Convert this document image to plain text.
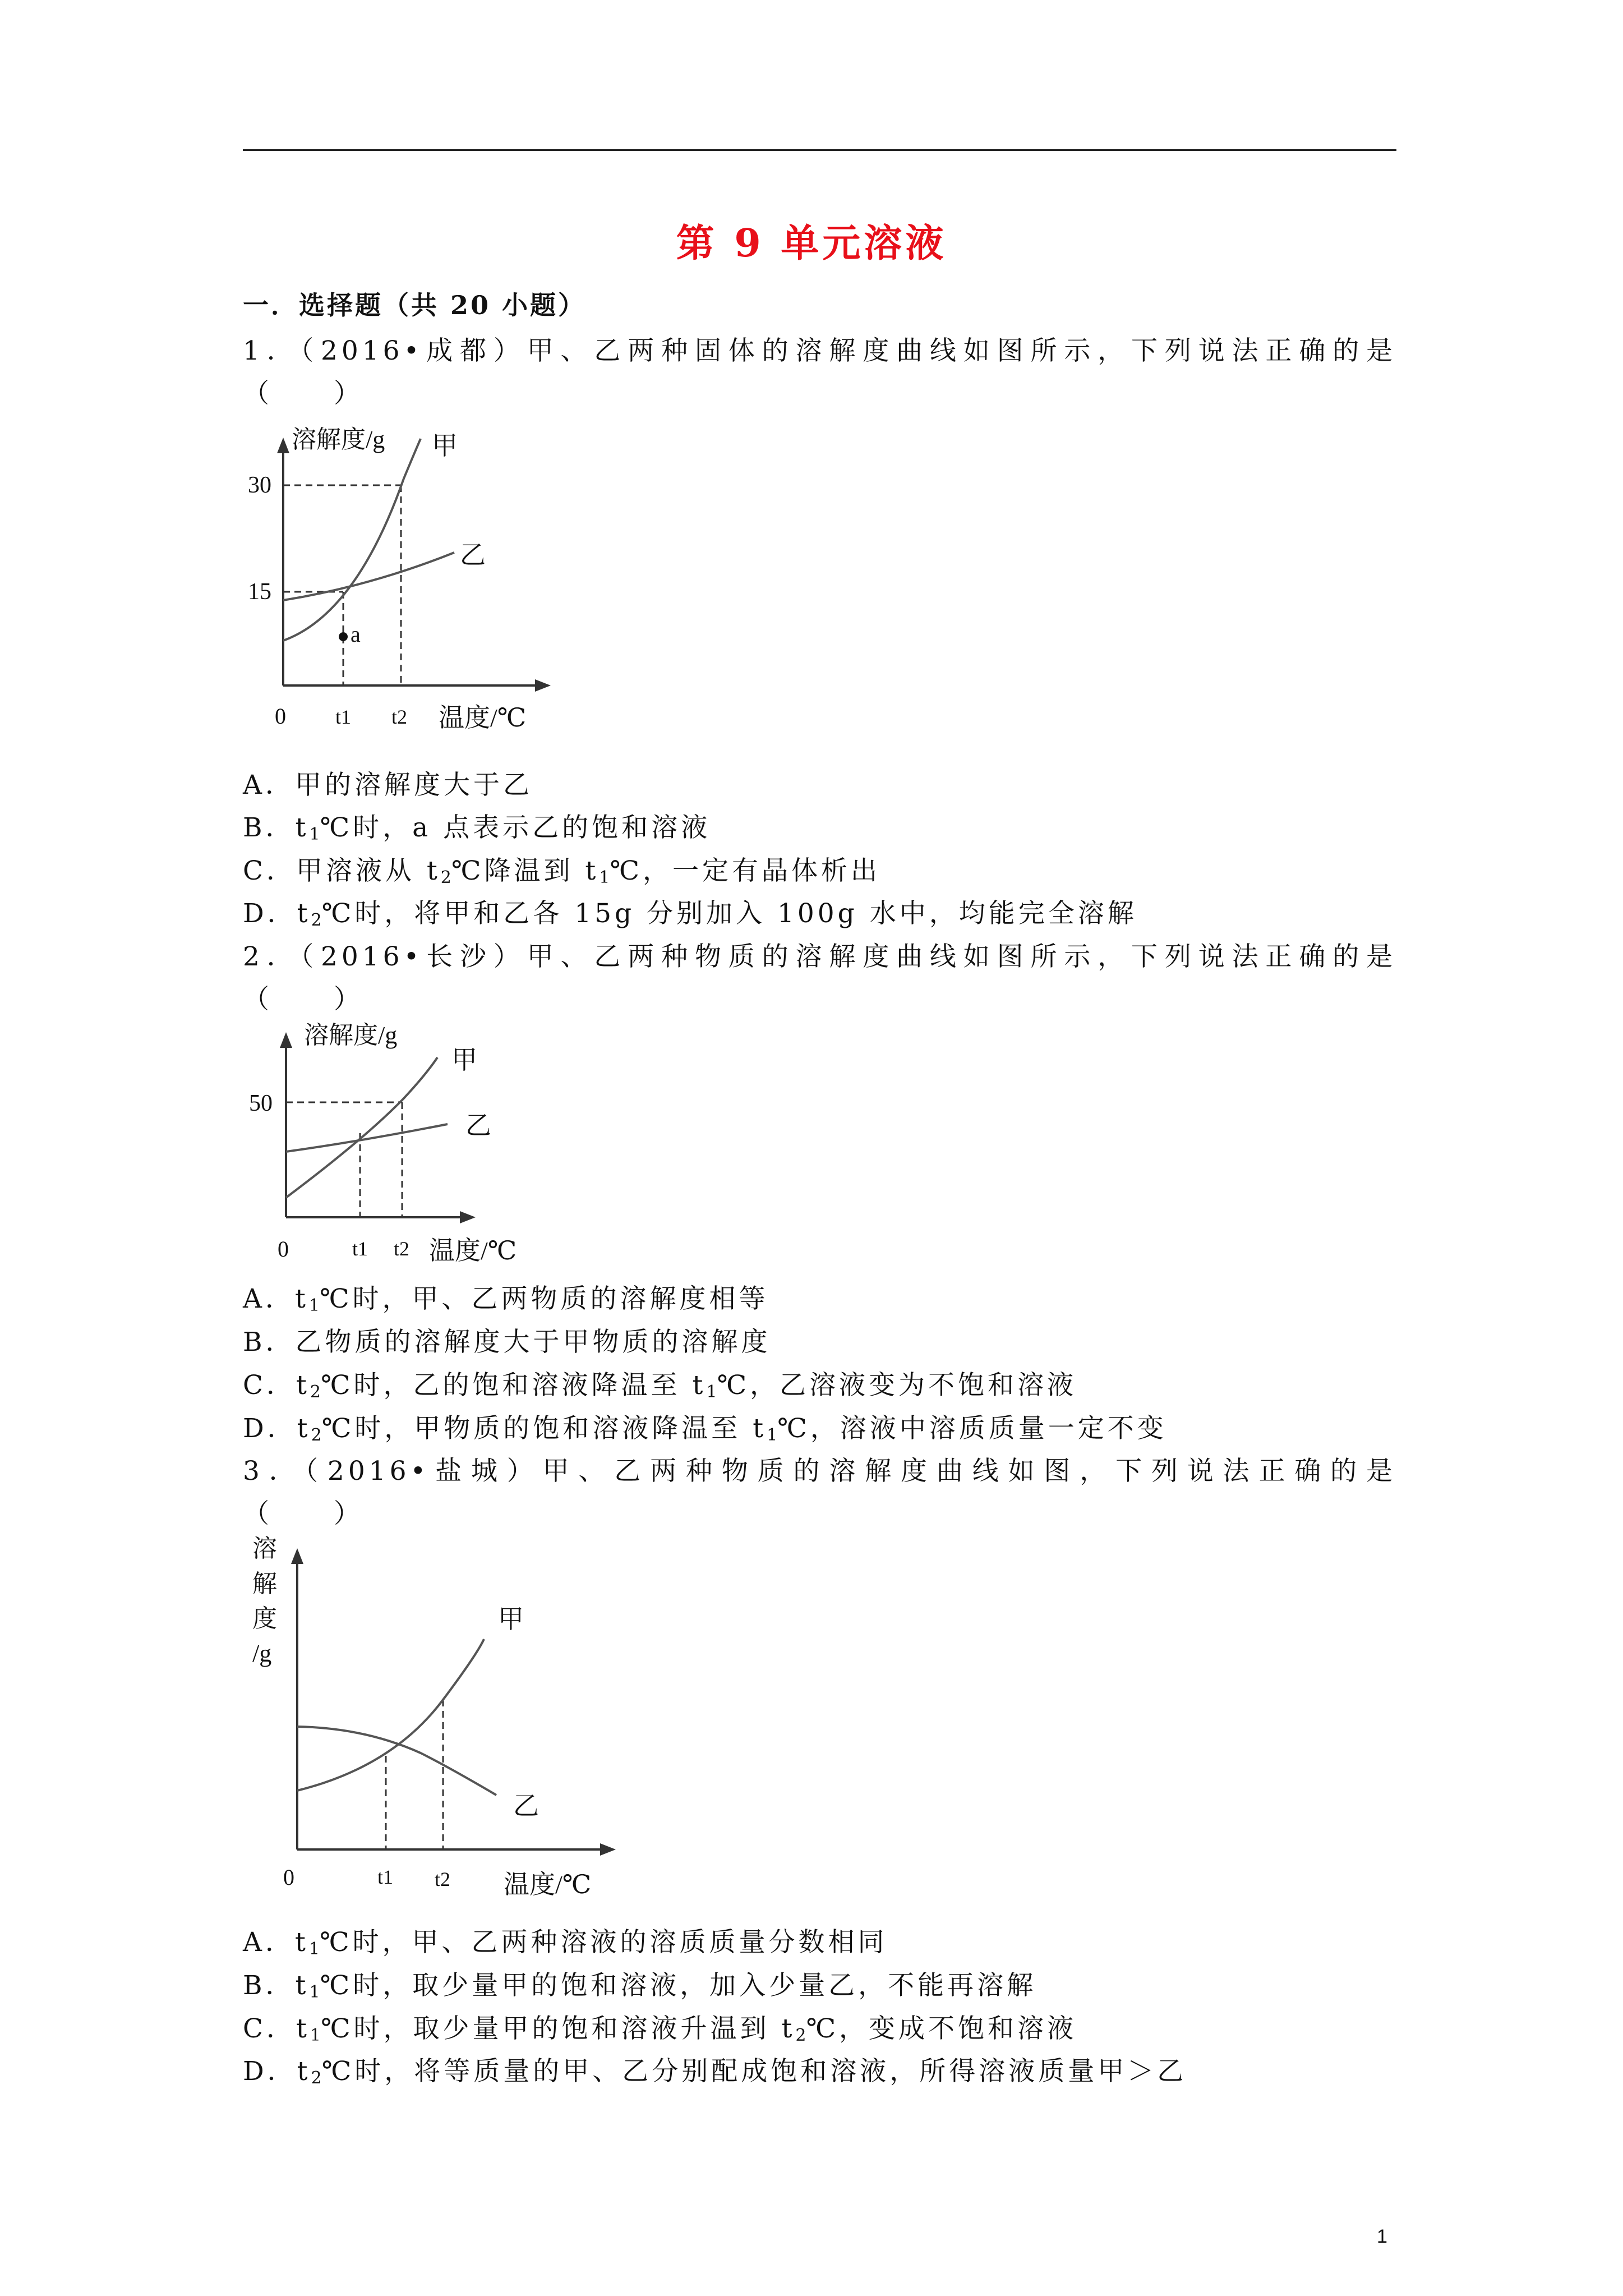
第 9 单元溶液
一．选择题（共 20 小题）
1．（2016•成都）甲、乙两种固体的溶解度曲线如图所示，下列说法正确的是
（　　）
溶解度/g 甲
乙
30
15
a
0 t1 t2 温度/℃
A．甲的溶解度大于乙
B．$t_1℃$时，a 点表示乙的饱和溶液
C．甲溶液从 $t_2℃$降温到 $t_1℃$，一定有晶体析出
D．$t_2℃$时，将甲和乙各 15g 分别加入 100g 水中，均能完全溶解
2．（2016•长沙）甲、乙两种物质的溶解度曲线如图所示，下列说法正确的是
（　　）
溶解度/g
甲
乙
50
0	t1 t2 温度/℃
A．$t_1℃$时，甲、乙两物质的溶解度相等
B．乙物质的溶解度大于甲物质的溶解度
C．$t_2℃$时，乙的饱和溶液降温至 $t_1℃$，乙溶液变为不饱和溶液
D．$t_2℃$时，甲物质的饱和溶液降温至 $t_1℃$，溶液中溶质质量一定不变
3．（2016•盐城）甲、乙两种物质的溶解度曲线如图，下列说法正确的是
（　　）
溶
解
度
/g
甲
乙
0	t1 t2 温度/℃
A．$t_1℃$时，甲、乙两种溶液的溶质质量分数相同
B．$t_1℃$时，取少量甲的饱和溶液，加入少量乙，不能再溶解
C．$t_1℃$时，取少量甲的饱和溶液升温到 $t_2℃$，变成不饱和溶液
D．$t_2℃$时，将等质量的甲、乙分别配成饱和溶液，所得溶液质量甲＞乙
1
